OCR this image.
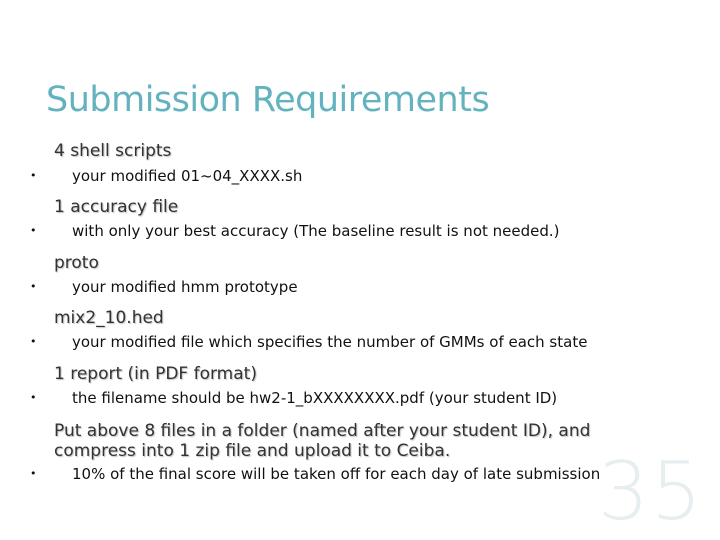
35
Submission Requirements
4 shell scripts
• your modified 01~04_XXXX.sh
1 accuracy file
• with only your best accuracy (The baseline result is not needed.)
proto
• your modified hmm prototype
mix2_10.hed
• your modified file which specifies the number of GMMs of each state
1 report (in PDF format)
• the filename should be hw2-1_bXXXXXXXX.pdf (your student ID)
Put above 8 files in a folder (named after your student ID), and compress into 1 zip file and upload it to Ceiba.
• 10% of the final score will be taken off for each day of late submission
